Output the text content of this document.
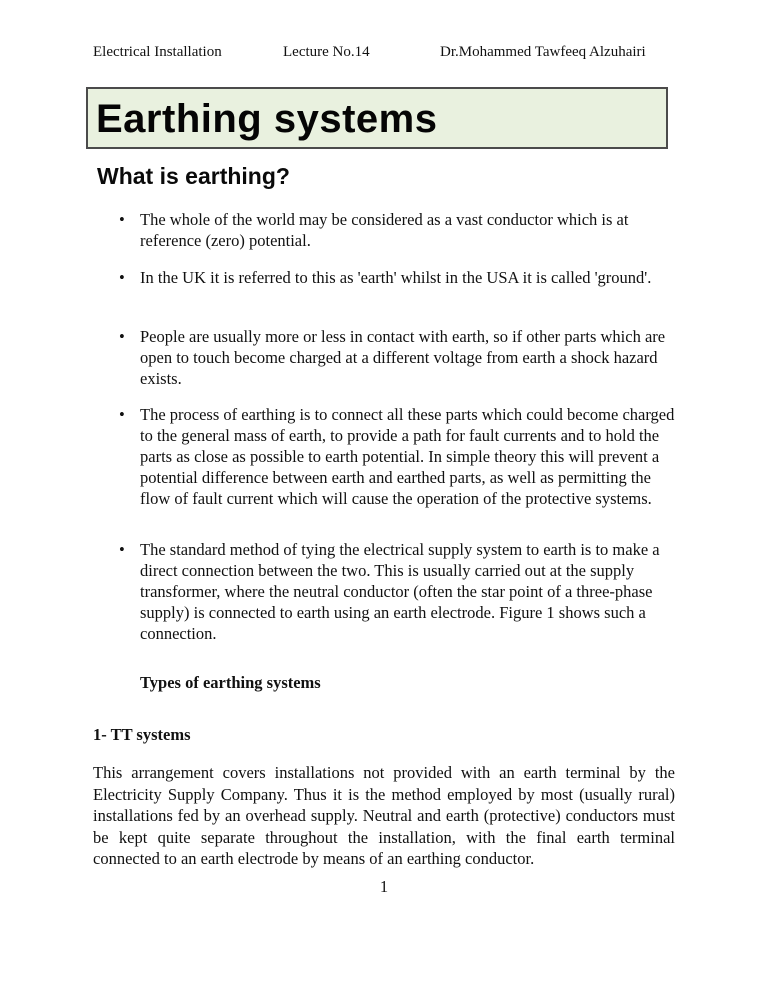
Electrical Installation	Lecture No.14	Dr.Mohammed Tawfeeq Alzuhairi
Earthing systems
What is earthing?
• The whole of the world may be considered as a vast conductor which is at reference (zero) potential.
• In the UK it is referred to this as 'earth' whilst in the USA it is called 'ground'.
• People are usually more or less in contact with earth, so if other parts which are open to touch become charged at a different voltage from earth a shock hazard exists.
• The process of earthing is to connect all these parts which could become charged to the general mass of earth, to provide a path for fault currents and to hold the parts as close as possible to earth potential. In simple theory this will prevent a potential difference between earth and earthed parts, as well as permitting the flow of fault current which will cause the operation of the protective systems.
• The standard method of tying the electrical supply system to earth is to make a direct connection between the two. This is usually carried out at the supply transformer, where the neutral conductor (often the star point of a three-phase supply) is connected to earth using an earth electrode. Figure 1 shows such a connection.
Types of earthing systems
1- TT systems

This arrangement covers installations not provided with an earth terminal by the Electricity Supply Company. Thus it is the method employed by most (usually rural) installations fed by an overhead supply. Neutral and earth (protective) conductors must be kept quite separate throughout the installation, with the final earth terminal connected to an earth electrode by means of an earthing conductor.

1
